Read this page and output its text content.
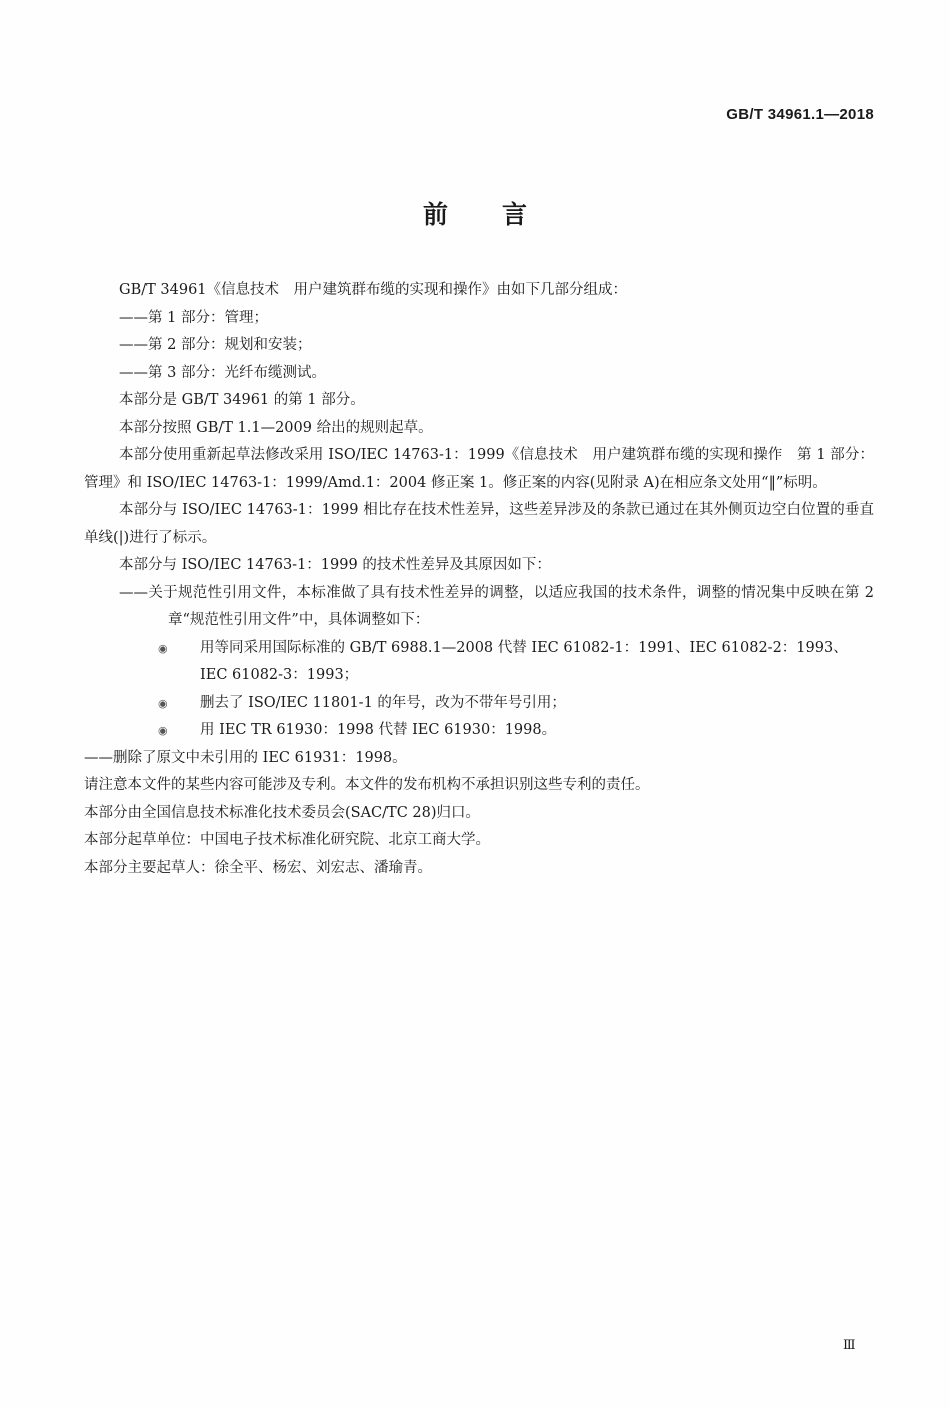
GB/T 34961.1—2018
前言

GB/T 34961《信息技术　用户建筑群布缆的实现和操作》由如下几部分组成：

——第 1 部分：管理；

——第 2 部分：规划和安装；

——第 3 部分：光纤布缆测试。

本部分是 GB/T 34961 的第 1 部分。

本部分按照 GB/T 1.1—2009 给出的规则起草。

本部分使用重新起草法修改采用 ISO/IEC 14763-1：1999《信息技术　用户建筑群布缆的实现和操作　第 1 部分：管理》和 ISO/IEC 14763-1：1999/Amd.1：2004 修正案 1。修正案的内容(见附录 A)在相应条文处用“‖”标明。

本部分与 ISO/IEC 14763-1：1999 相比存在技术性差异，这些差异涉及的条款已通过在其外侧页边空白位置的垂直单线(|)进行了标示。

本部分与 ISO/IEC 14763-1：1999 的技术性差异及其原因如下：

——关于规范性引用文件，本标准做了具有技术性差异的调整，以适应我国的技术条件，调整的情况集中反映在第 2 章“规范性引用文件”中，具体调整如下：

◉ 用等同采用国际标准的 GB/T 6988.1—2008 代替 IEC 61082-1：1991、IEC 61082-2：1993、IEC 61082-3：1993；
◉ 删去了 ISO/IEC 11801-1 的年号，改为不带年号引用；
◉ 用 IEC TR 61930：1998 代替 IEC 61930：1998。

——删除了原文中未引用的 IEC 61931：1998。

请注意本文件的某些内容可能涉及专利。本文件的发布机构不承担识别这些专利的责任。

本部分由全国信息技术标准化技术委员会(SAC/TC 28)归口。

本部分起草单位：中国电子技术标准化研究院、北京工商大学。

本部分主要起草人：徐全平、杨宏、刘宏志、潘瑜青。

Ⅲ
